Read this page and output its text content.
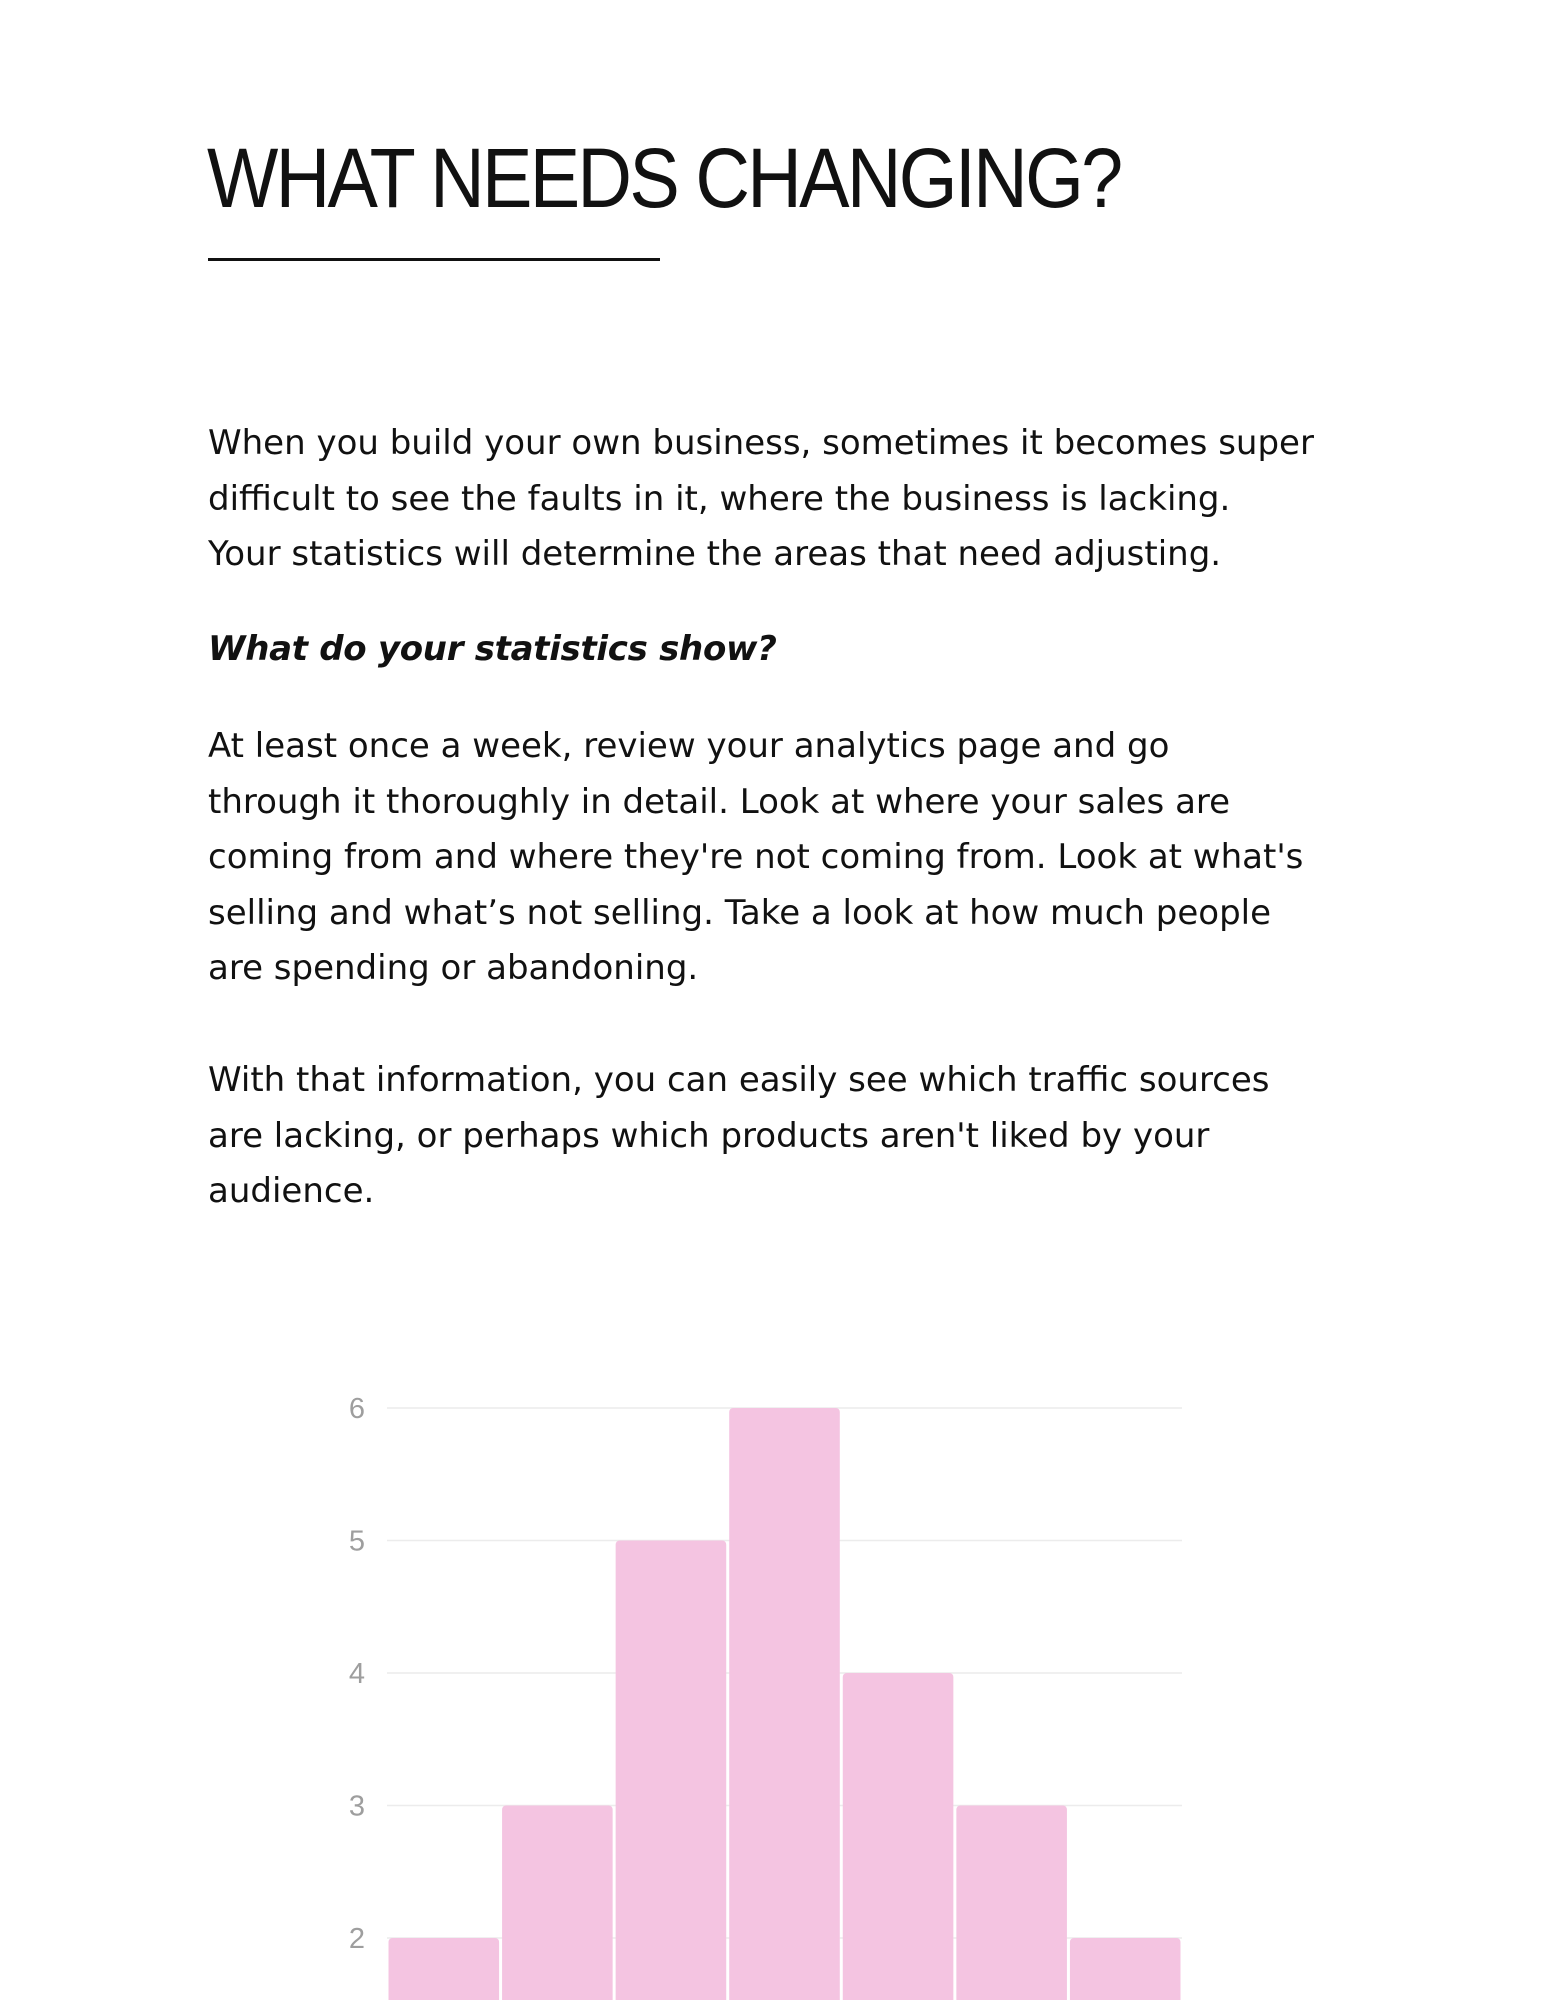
WHAT NEEDS CHANGING?

When you build your own business, sometimes it becomes super
difficult to see the faults in it, where the business is lacking.
Your statistics will determine the areas that need adjusting.

What do your statistics show?

At least once a week, review your analytics page and go
through it thoroughly in detail. Look at where your sales are
coming from and where they're not coming from. Look at what's
selling and what’s not selling. Take a look at how much people
are spending or abandoning.

With that information, you can easily see which traffic sources
are lacking, or perhaps which products aren't liked by your
audience.

2
3
4
5
6
